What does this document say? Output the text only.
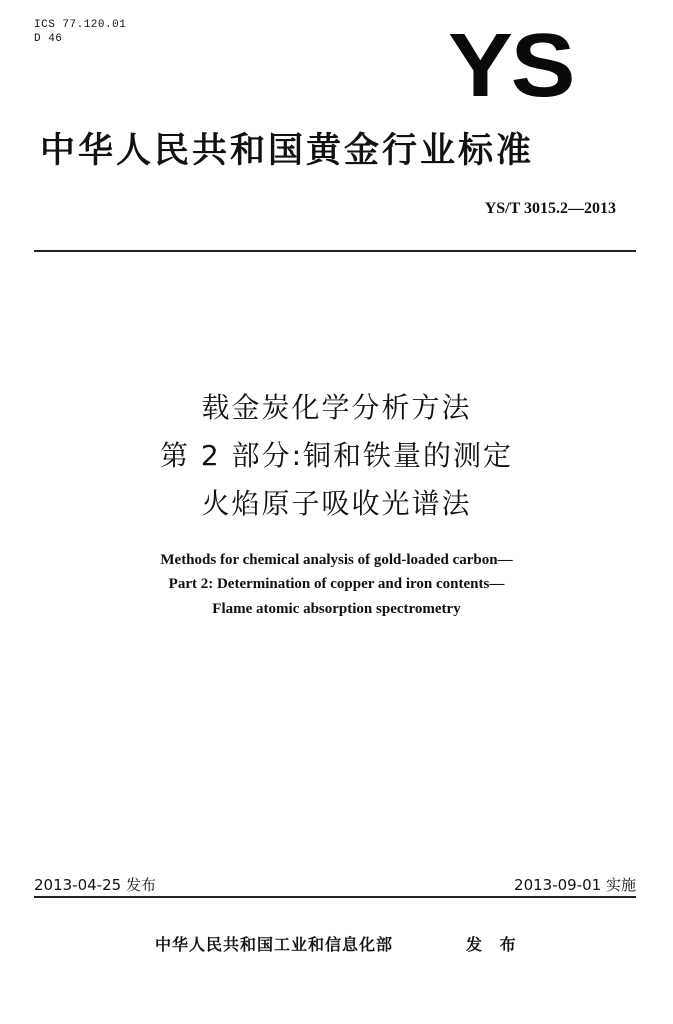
ICS 77.120.01
D 46	YS
中华人民共和国黄金行业标准
YS/T 3015.2—2013
载金炭化学分析方法
第 2 部分:铜和铁量的测定
火焰原子吸收光谱法
Methods for chemical analysis of gold-loaded carbon—
Part 2: Determination of copper and iron contents—
Flame atomic absorption spectrometry
2013-04-25 发布	2013-09-01 实施
中华人民共和国工业和信息化部	发 布
